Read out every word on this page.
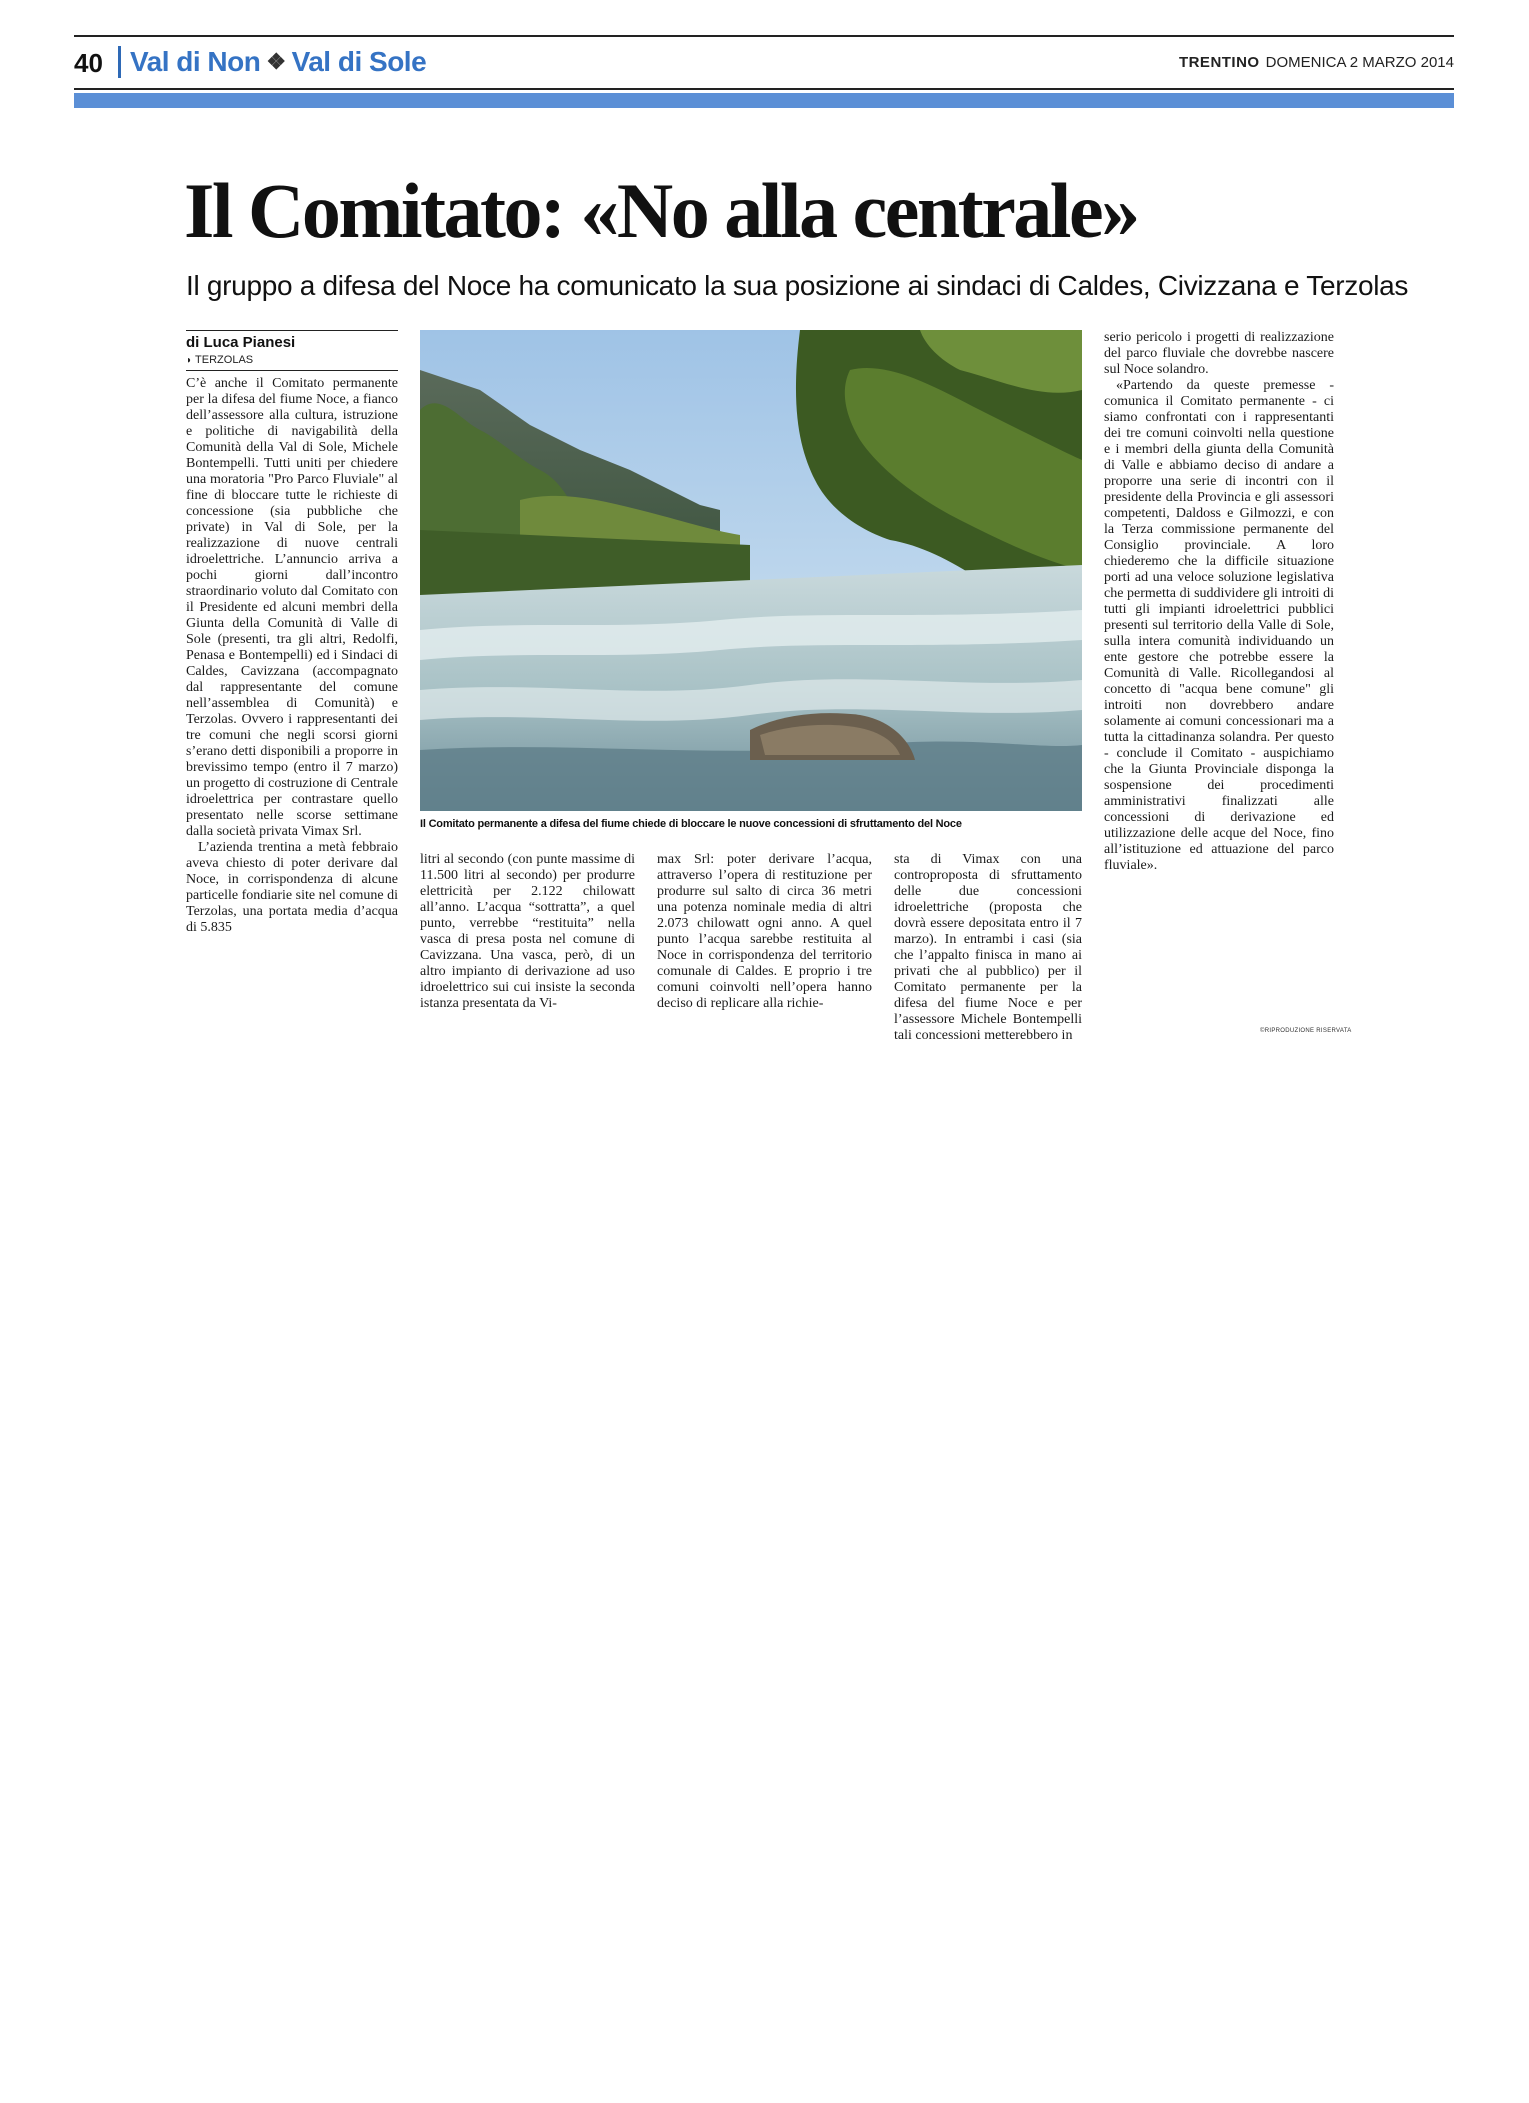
40 Val di Non ❖ Val di Sole	TRENTINO DOMENICA 2 MARZO 2014
Il Comitato: «No alla centrale»
Il gruppo a difesa del Noce ha comunicato la sua posizione ai sindaci di Caldes, Civizzana e Terzolas
di Luca Pianesi
◗ TERZOLAS

C’è anche il Comitato permanente per la difesa del fiume Noce, a fianco dell’assessore alla cultura, istruzione e politiche di navigabilità della Comunità della Val di Sole, Michele Bontempelli. Tutti uniti per chiedere una moratoria "Pro Parco Fluviale" al fine di bloccare tutte le richieste di concessione (sia pubbliche che private) in Val di Sole, per la realizzazione di nuove centrali idroelettriche. L’annuncio arriva a pochi giorni dall’incontro straordinario voluto dal Comitato con il Presidente ed alcuni membri della Giunta della Comunità di Valle di Sole (presenti, tra gli altri, Redolfi, Penasa e Bontempelli) ed i Sindaci di Caldes, Cavizzana (accompagnato dal rappresentante del comune nell’assemblea di Comunità) e Terzolas. Ovvero i rappresentanti dei tre comuni che negli scorsi giorni s’erano detti disponibili a proporre in brevissimo tempo (entro il 7 marzo) un progetto di costruzione di Centrale idroelettrica per contrastare quello presentato nelle scorse settimane dalla società privata Vimax Srl.

L’azienda trentina a metà febbraio aveva chiesto di poter derivare dal Noce, in corrispondenza di alcune particelle fondiarie site nel comune di Terzolas, una portata media d’acqua di 5.835

Il Comitato permanente a difesa del fiume chiede di bloccare le nuove concessioni di sfruttamento del Noce

litri al secondo (con punte massime di 11.500 litri al secondo) per produrre elettricità per 2.122 chilowatt all’anno. L’acqua “sottratta”, a quel punto, verrebbe “restituita” nella vasca di presa posta nel comune di Cavizzana. Una vasca, però, di un altro impianto di derivazione ad uso idroelettrico sui cui insiste la seconda istanza presentata da Vi-

max Srl: poter derivare l’acqua, attraverso l’opera di restituzione per produrre sul salto di circa 36 metri una potenza nominale media di altri 2.073 chilowatt ogni anno. A quel punto l’acqua sarebbe restituita al Noce in corrispondenza del territorio comunale di Caldes. E proprio i tre comuni coinvolti nell’opera hanno deciso di replicare alla richie-

sta di Vimax con una controproposta di sfruttamento delle due concessioni idroelettriche (proposta che dovrà essere depositata entro il 7 marzo). In entrambi i casi (sia che l’appalto finisca in mano ai privati che al pubblico) per il Comitato permanente per la difesa del fiume Noce e per l’assessore Michele Bontempelli tali concessioni metterebbero in

serio pericolo i progetti di realizzazione del parco fluviale che dovrebbe nascere sul Noce solandro.

«Partendo da queste premesse - comunica il Comitato permanente - ci siamo confrontati con i rappresentanti dei tre comuni coinvolti nella questione e i membri della giunta della Comunità di Valle e abbiamo deciso di andare a proporre una serie di incontri con il presidente della Provincia e gli assessori competenti, Daldoss e Gilmozzi, e con la Terza commissione permanente del Consiglio provinciale. A loro chiederemo che la difficile situazione porti ad una veloce soluzione legislativa che permetta di suddividere gli introiti di tutti gli impianti idroelettrici pubblici presenti sul territorio della Valle di Sole, sulla intera comunità individuando un ente gestore che potrebbe essere la Comunità di Valle. Ricollegandosi al concetto di "acqua bene comune" gli introiti non dovrebbero andare solamente ai comuni concessionari ma a tutta la cittadinanza solandra. Per questo - conclude il Comitato - auspichiamo che la Giunta Provinciale disponga la sospensione dei procedimenti amministrativi finalizzati alle concessioni di derivazione ed utilizzazione delle acque del Noce, fino all’istituzione ed attuazione del parco fluviale».

©RIPRODUZIONE RISERVATA
